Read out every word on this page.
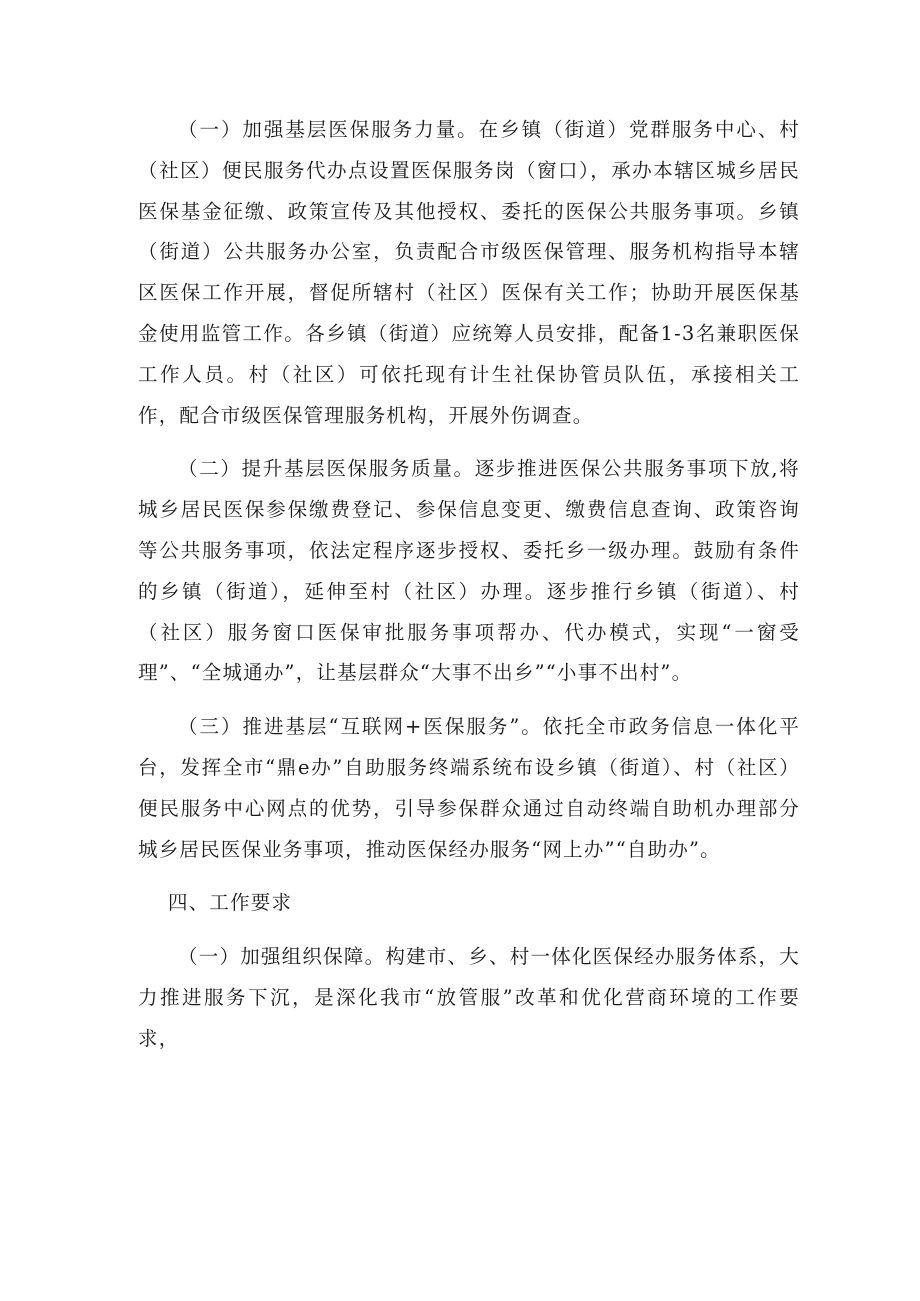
（一）加强基层医保服务力量。在乡镇（街道）党群服务中心、村（社区）便民服务代办点设置医保服务岗（窗口），承办本辖区城乡居民医保基金征缴、政策宣传及其他授权、委托的医保公共服务事项。乡镇（街道）公共服务办公室，负责配合市级医保管理、服务机构指导本辖区医保工作开展，督促所辖村（社区）医保有关工作；协助开展医保基金使用监管工作。各乡镇（街道）应统筹人员安排，配备1-3名兼职医保工作人员。村（社区）可依托现有计生社保协管员队伍，承接相关工作，配合市级医保管理服务机构，开展外伤调查。

（二）提升基层医保服务质量。逐步推进医保公共服务事项下放,将城乡居民医保参保缴费登记、参保信息变更、缴费信息查询、政策咨询等公共服务事项，依法定程序逐步授权、委托乡一级办理。鼓励有条件的乡镇（街道），延伸至村（社区）办理。逐步推行乡镇（街道）、村（社区）服务窗口医保审批服务事项帮办、代办模式，实现“一窗受理”、“全城通办”，让基层群众“大事不出乡”“小事不出村”。

（三）推进基层“互联网+医保服务”。依托全市政务信息一体化平台，发挥全市“鼎e办”自助服务终端系统布设乡镇（街道）、村（社区）便民服务中心网点的优势，引导参保群众通过自动终端自助机办理部分城乡居民医保业务事项，推动医保经办服务“网上办”“自助办”。

四、工作要求

（一）加强组织保障。构建市、乡、村一体化医保经办服务体系，大力推进服务下沉，是深化我市“放管服”改革和优化营商环境的工作要求，
